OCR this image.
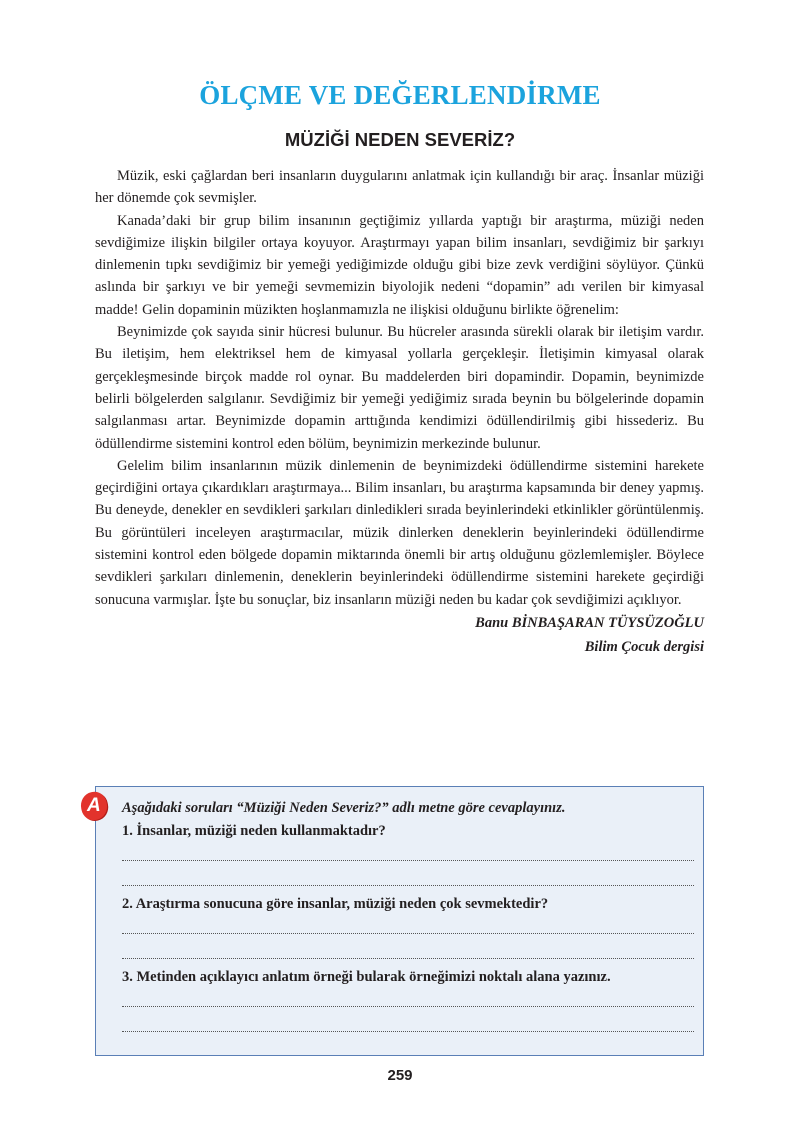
ÖLÇME VE DEĞERLENDİRME
MÜZİĞİ NEDEN SEVERİZ?

Müzik, eski çağlardan beri insanların duygularını anlatmak için kullandığı bir araç. İnsanlar müziği her dönemde çok sevmişler.

Kanada’daki bir grup bilim insanının geçtiğimiz yıllarda yaptığı bir araştırma, müziği neden sevdiğimize ilişkin bilgiler ortaya koyuyor. Araştırmayı yapan bilim insanları, sevdiğimiz bir şarkıyı dinlemenin tıpkı sevdiğimiz bir yemeği yediğimizde olduğu gibi bize zevk verdiğini söylüyor. Çünkü aslında bir şarkıyı ve bir yemeği sevmemizin biyolojik nedeni “dopamin” adı verilen bir kimyasal madde! Gelin dopaminin müzikten hoşlanmamızla ne ilişkisi olduğunu birlikte öğrenelim:

Beynimizde çok sayıda sinir hücresi bulunur. Bu hücreler arasında sürekli olarak bir iletişim vardır. Bu iletişim, hem elektriksel hem de kimyasal yollarla gerçekleşir. İletişimin kimyasal olarak gerçekleşmesinde birçok madde rol oynar. Bu maddelerden biri dopamindir. Dopamin, beynimizde belirli bölgelerden salgılanır. Sevdiğimiz bir yemeği yediğimiz sırada beynin bu bölgelerinde dopamin salgılanması artar. Beynimizde dopamin arttığında kendimizi ödüllendirilmiş gibi hissederiz. Bu ödüllendirme sistemini kontrol eden bölüm, beynimizin merkezinde bulunur.

Gelelim bilim insanlarının müzik dinlemenin de beynimizdeki ödüllendirme sistemini harekete geçirdiğini ortaya çıkardıkları araştırmaya... Bilim insanları, bu araştırma kapsamında bir deney yapmış. Bu deneyde, denekler en sevdikleri şarkıları dinledikleri sırada beyinlerindeki etkinlikler görüntülenmiş. Bu görüntüleri inceleyen araştırmacılar, müzik dinlerken deneklerin beyinlerindeki ödüllendirme sistemini kontrol eden bölgede dopamin miktarında önemli bir artış olduğunu gözlemlemişler. Böylece sevdikleri şarkıları dinlemenin, deneklerin beyinlerindeki ödüllendirme sistemini harekete geçirdiği sonucuna varmışlar. İşte bu sonuçlar, biz insanların müziği neden bu kadar çok sevdiğimizi açıklıyor.

Banu BİNBAŞARAN TÜYSÜZOĞLU
Bilim Çocuk dergisi
A	Aşağıdaki soruları “Müziği Neden Severiz?” adlı metne göre cevaplayınız.
1. İnsanlar, müziği neden kullanmaktadır?
2. Araştırma sonucuna göre insanlar, müziği neden çok sevmektedir?
3. Metinden açıklayıcı anlatım örneği bularak örneğimizi noktalı alana yazınız.
259
